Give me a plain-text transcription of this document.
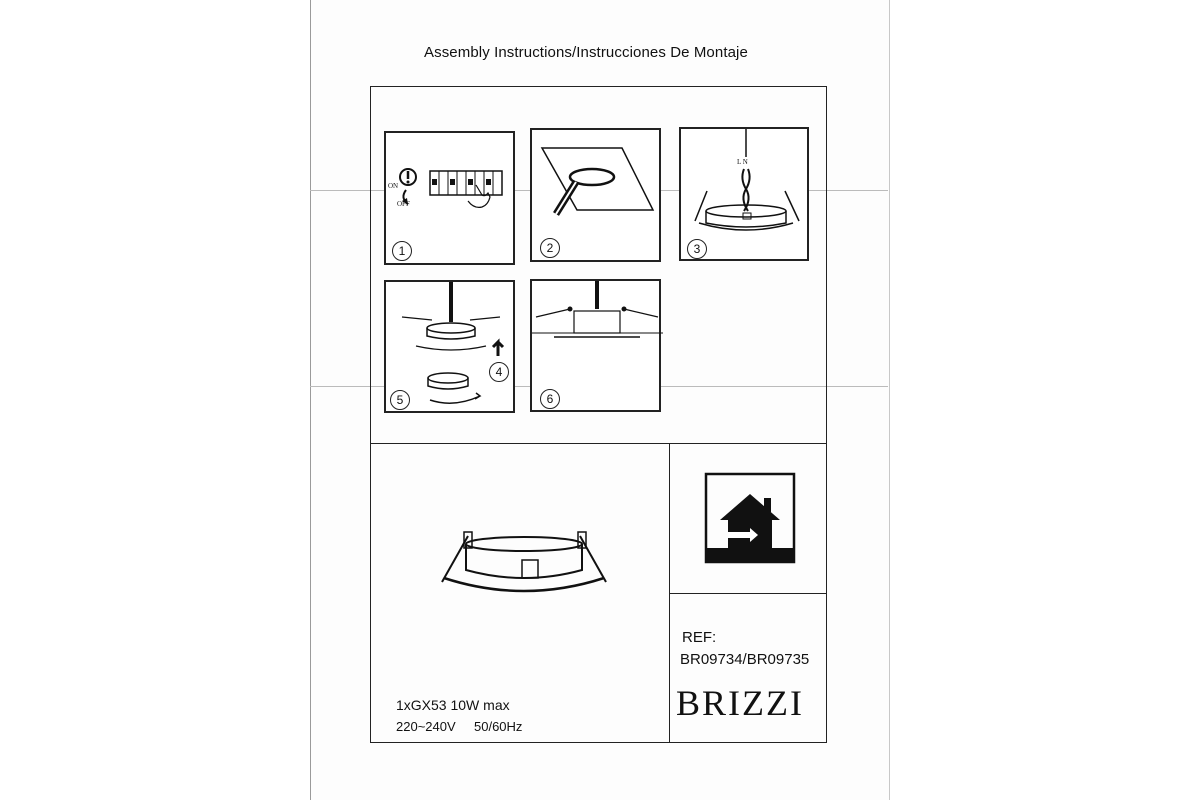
Assembly Instructions/Instrucciones De Montaje
ON
OFF
1	2
L N
3
4
5	6
REF:
BR09734/BR09735
BRIZZI
1xGX53 10W max
220~240V 50/60Hz
